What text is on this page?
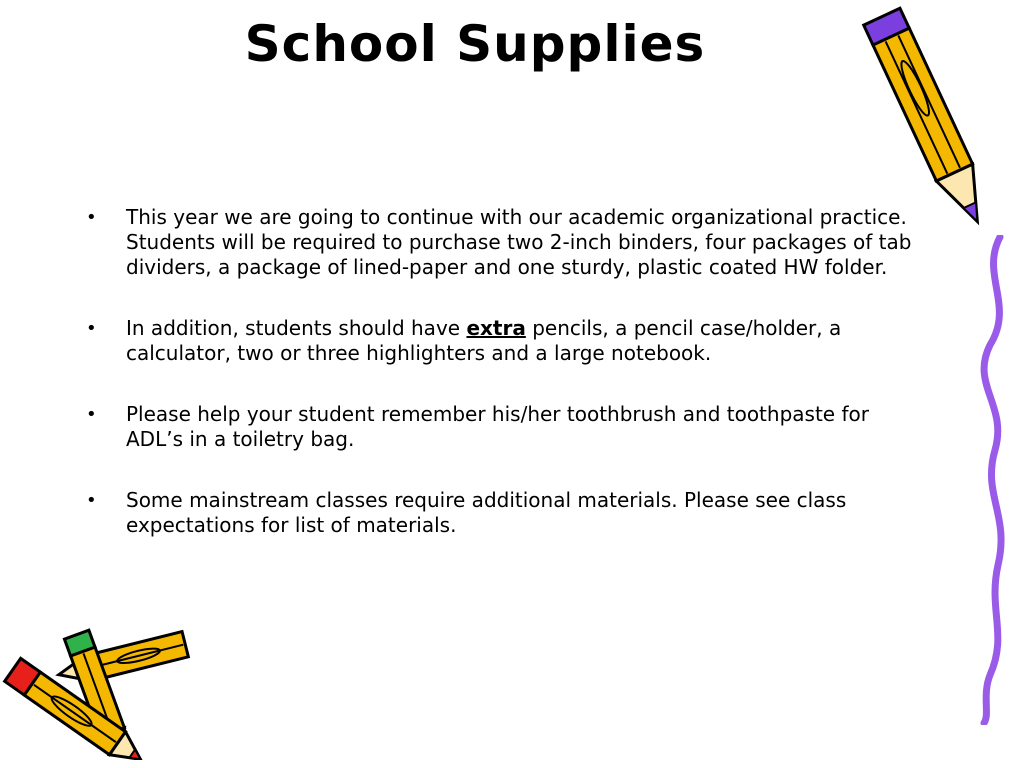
School Supplies
• This year we are going to continue with our academic organizational practice. Students will be required to purchase two 2-inch binders, four packages of tab dividers, a package of lined-paper and one sturdy, plastic coated HW folder.
• In addition, students should have extra pencils, a pencil case/holder, a calculator, two or three highlighters and a large notebook.
• Please help your student remember his/her toothbrush and toothpaste for ADL’s in a toiletry bag.
• Some mainstream classes require additional materials. Please see class expectations for list of materials.
